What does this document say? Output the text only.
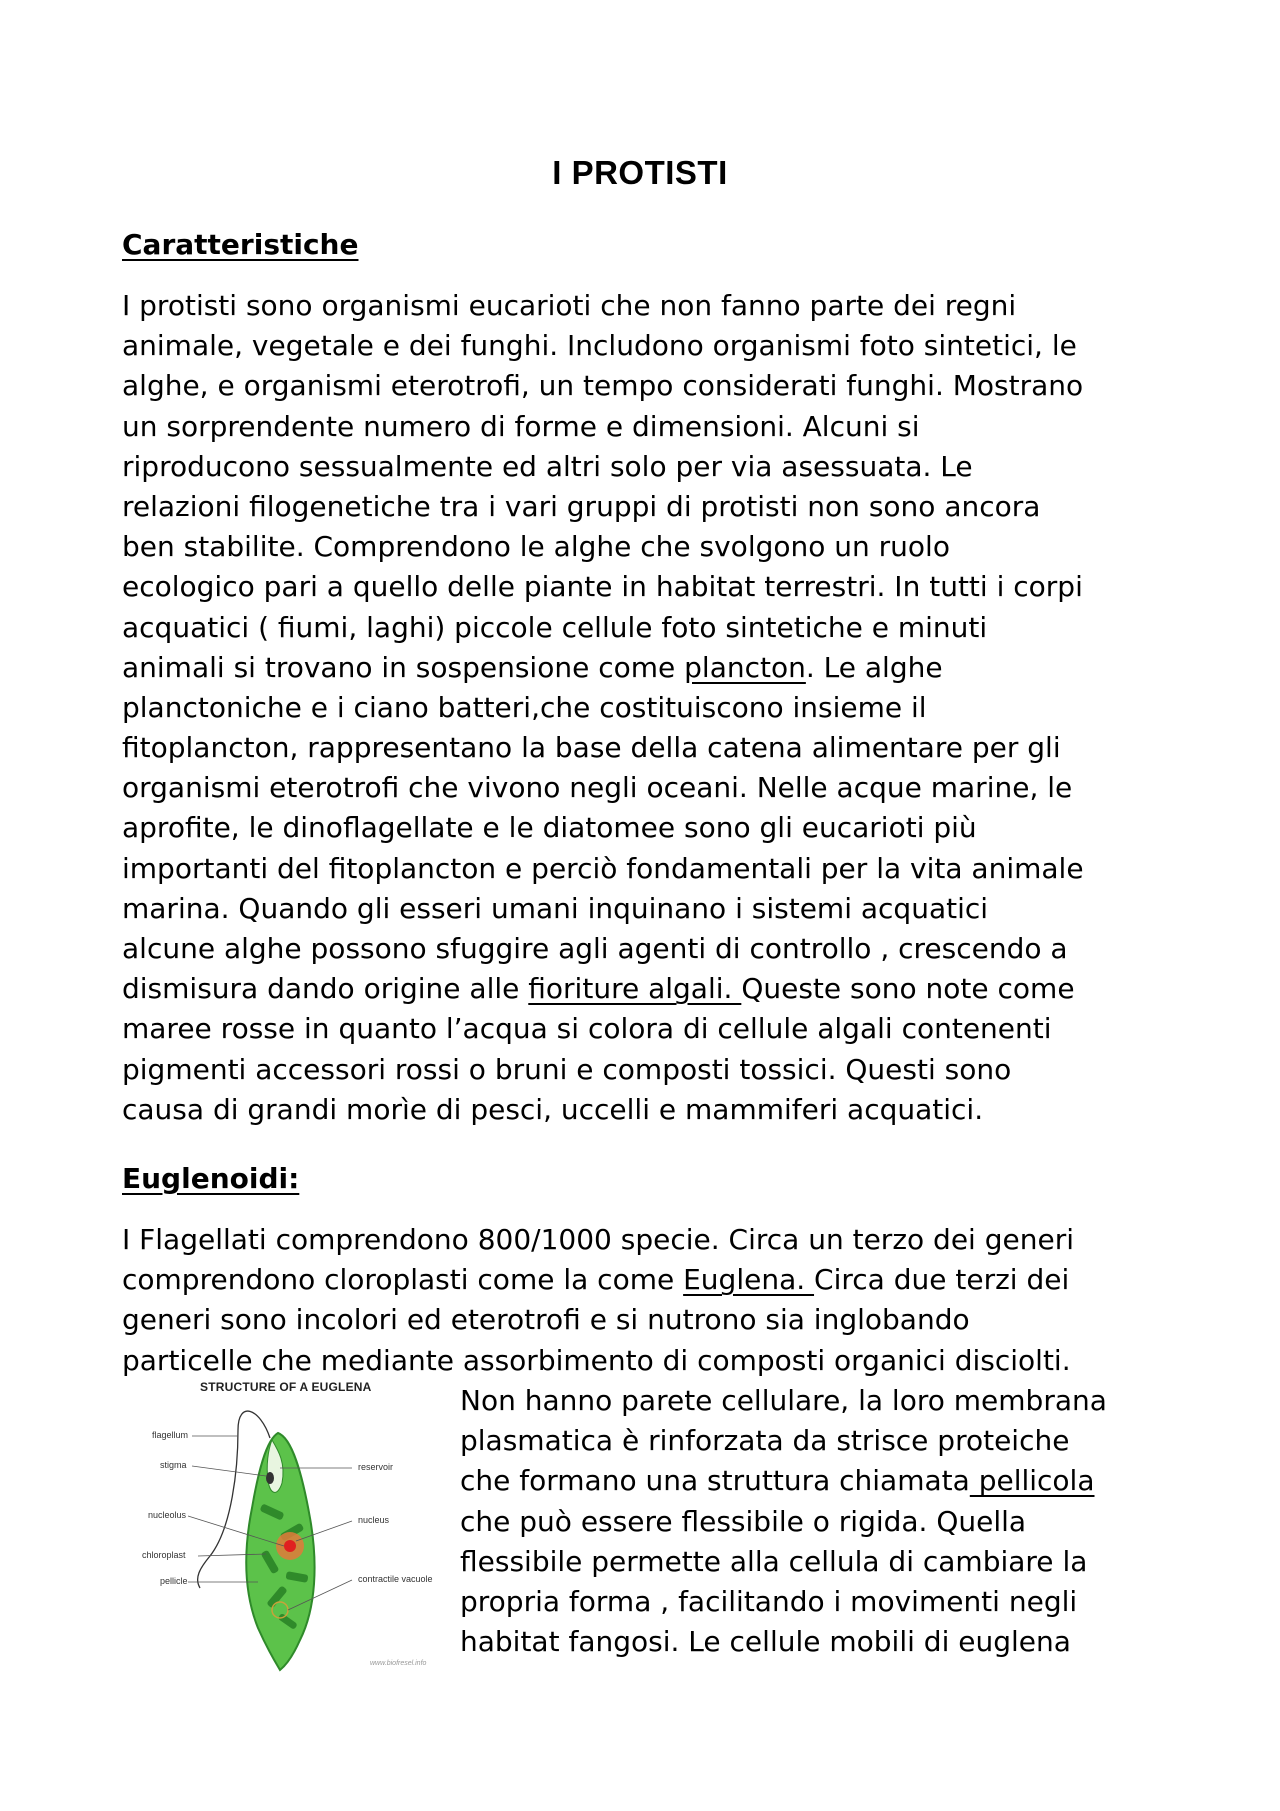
I PROTISTI
Caratteristiche
I protisti sono organismi eucarioti che non fanno parte dei regni
animale, vegetale e dei funghi. Includono organismi foto sintetici, le
alghe, e organismi eterotrofi, un tempo considerati funghi. Mostrano
un sorprendente numero di forme e dimensioni. Alcuni si
riproducono sessualmente ed altri solo per via asessuata. Le
relazioni filogenetiche tra i vari gruppi di protisti non sono ancora
ben stabilite. Comprendono le alghe che svolgono un ruolo
ecologico pari a quello delle piante in habitat terrestri. In tutti i corpi
acquatici ( fiumi, laghi) piccole cellule foto sintetiche e minuti
animali si trovano in sospensione come plancton. Le alghe
planctoniche e i ciano batteri,che costituiscono insieme il
fitoplancton, rappresentano la base della catena alimentare per gli
organismi eterotrofi che vivono negli oceani. Nelle acque marine, le
aprofite, le dinoflagellate e le diatomee sono gli eucarioti più
importanti del fitoplancton e perciò fondamentali per la vita animale
marina. Quando gli esseri umani inquinano i sistemi acquatici
alcune alghe possono sfuggire agli agenti di controllo , crescendo a
dismisura dando origine alle fioriture algali. Queste sono note come
maree rosse in quanto l’acqua si colora di cellule algali contenenti
pigmenti accessori rossi o bruni e composti tossici. Questi sono
causa di grandi morìe di pesci, uccelli e mammiferi acquatici.
Euglenoidi:
I Flagellati comprendono 800/1000 specie. Circa un terzo dei generi
comprendono cloroplasti come la come Euglena. Circa due terzi dei
generi sono incolori ed eterotrofi e si nutrono sia inglobando
particelle che mediante assorbimento di composti organici disciolti.
Non hanno parete cellulare, la loro membrana
plasmatica è rinforzata da strisce proteiche
che formano una struttura chiamata pellicola
che può essere flessibile o rigida. Quella
flessibile permette alla cellula di cambiare la
propria forma , facilitando i movimenti negli
habitat fangosi. Le cellule mobili di euglena
STRUCTURE OF A EUGLENA
flagellum
stigma
nucleolus
chloroplast
pellicle
reservoir
nucleus
contractile vacuole
www.biofresel.info
